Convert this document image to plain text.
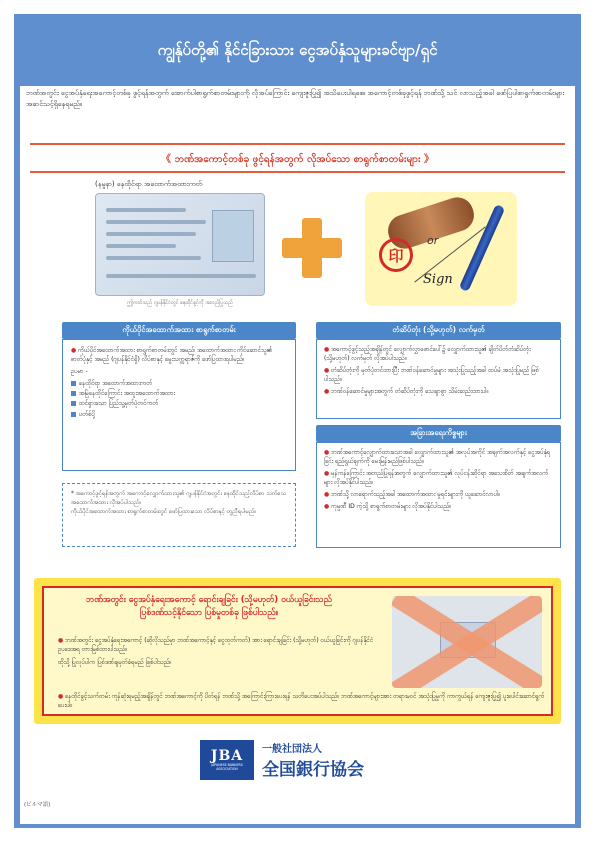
ကျွန်ုပ်တို့၏ နိုင်ငံခြားသား ငွေအပ်နှံသူများခင်ဗျာ/ရှင်
ဘဏ်အတွင်း ငွေအပ်နှံရေးအကောင့်တစ်ခု ဖွင့်ရန်အတွက် အောက်ပါစာရွက်စာတမ်းများကို လိုအပ်ကြောင်း ကျေးဇူးပြု၍ အသိပေးပါရစေ။ အကောင့်တစ်ခုဖွင့်ရန် ဘဏ်သို့ သင် လာသည့်အခါ ဖော်ပြပါစာရွက်စာတမ်းများ အဆင်သင့်ရှိနေရမည်။
《 ဘဏ်အကောင့်တစ်ခု ဖွင့်ရန်အတွက် လိုအပ်သော စာရွက်စာတမ်းများ 》
(နမူနာ) နေထိုင်ရာ အထောက်အထားကတ်
ဤကတ်သည် ဂျပန်နိုင်ငံတွင် နေထိုင်ခွင့်ကို အတည်ပြုသည်
印
or
Sign
ကိုယ်ပိုင်အထောက်အထား စာရွက်စာတမ်း

● ကိုယ်ပိုင်အထောက်အထား စာရွက်စာတမ်းတွင် အမည်၊ အထောက်အထား ကိုင်ဆောင်သူ၏ ဓာတ်ပုံနှင့် အမည် (ဂျပန်နိုင်ငံရှိ) လိပ်စာနှင့် မွေးသက္ကရာဇ်ကို ဖော်ပြထားရပါမည်။

ဥပမာ -

နေထိုင်ရာ အထောက်အထားကတ်
အမြဲနေထိုင်ကြောင်း အထူးအထောက်အထား
ထင်ရှားသော ပြည်သူ့မှတ်ပုံတင်ကတ်
ပတ်စ်ပို့
* အကောင့်ဖွင့်ရန်အတွက် အကောင့်လျှောက်ထားသူ၏ ဂျပန်နိုင်ငံအတွင်း နေထိုင်သည့်လိပ်စာ သက်သေအထောက်အထား လိုအပ်ပါသည်။
ကိုယ်ပိုင်အထောက်အထား စာရွက်စာတမ်းတွင် ဖော်ပြထားသော လိပ်စာနှင့် တူညီရပါမည်။
တံဆိပ်တုံး (သို့မဟုတ်) လက်မှတ်

● အကောင့်ဖွင့်သည့်အချိန်တွင် လျှောက်လွှာဖောင်ပေါ်၌ လျှောက်ထားသူ၏ ချိတ်ပိတ်တံဆိပ်တုံး (သို့မဟုတ်) လက်မှတ် လိုအပ်ပါသည်။

● တံဆိပ်တုံးကို မှတ်ပုံတင်ထားပြီး ဘဏ်ဝန်ဆောင်မှုများ အသုံးပြုသည့်အခါ ထပ်မံ အသုံးပြုမည် ဖြစ်ပါသည်။

● ဘဏ်ဝန်ဆောင်မှုများအတွက် တံဆိပ်တုံးကို သေချာစွာ သိမ်းဆည်းထားပါ။

အခြားအရေးကိစ္စများ

● ဘဏ်အကောင့်လျှောက်ထားသောအခါ လျှောက်ထားသူ၏ အလုပ်အကိုင် အချက်အလက်နှင့် ငွေအပ်နှံရခြင်း ရည်ရွယ်ချက်ကို မေးမြန်းမည်ဖြစ်ပါသည်။

● မှန်ကန်ကြောင်း အတည်ပြုရန်အတွက် လျှောက်ထားသူ၏ လုပ်ငန်းဆိုင်ရာ အသေးစိတ် အချက်အလက်များ လိုအပ်နိုင်ပါသည်။

● ဘဏ်သို့ လာရောက်သည့်အခါ အထောက်အထား မူရင်းများကို ယူဆောင်လာပါ။

● ကုမ္ပဏီ ID ကဲ့သို့ စာရွက်စာတမ်းများ လိုအပ်နိုင်ပါသည်။

ဘဏ်အတွင်း ငွေအပ်နှံရေးအကောင့် ရောင်းချခြင်း (သို့မဟုတ်) ဝယ်ယူခြင်းသည် ပြစ်ဒဏ်သင့်နိုင်သော ပြစ်မှုတစ်ခု ဖြစ်ပါသည်။

● ဘဏ်အတွင်း ငွေအပ်နှံရေးအကောင့် (ဆိုလိုသည်မှာ ဘဏ်အကောင့်နှင့် ငွေထုတ်ကတ်) အား ရောင်းချခြင်း (သို့မဟုတ်) ဝယ်ယူခြင်းကို ဂျပန်နိုင်ငံဥပဒေအရ တားမြစ်ထားပါသည်။

ထိုသို့ ပြုလုပ်ပါက ပြစ်ဒဏ်ချမှတ်ခံရမည် ဖြစ်ပါသည်။

● နေထိုင်ခွင့်သက်တမ်း ကုန်ဆုံးရမည့်အချိန်တွင် ဘဏ်အကောင့်ကို ပိတ်ရန် ဘဏ်သို့ အကြောင်းကြားပေးရန် သတိပေးအပ်ပါသည်။ ဘဏ်အကောင့်များအား တရားမဝင် အသုံးပြုမှုကို ကာကွယ်ရန် ကျေးဇူးပြု၍ ပူးပေါင်းဆောင်ရွက်ပေးပါ။
JBA
JAPANESE BANKERS ASSOCIATION
一般社団法人
全国銀行協会
(ビルマ語)
